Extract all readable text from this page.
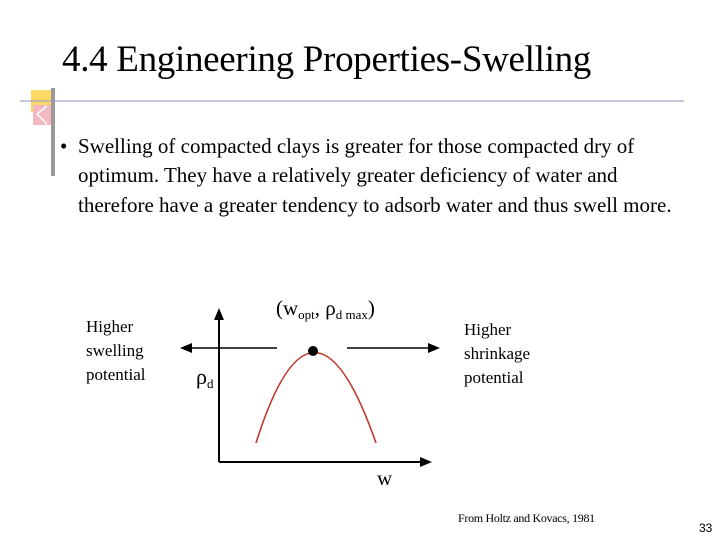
4.4 Engineering Properties-Swelling
• Swelling of compacted clays is greater for those compacted dry of optimum. They have a relatively greater deficiency of water and therefore have a greater tendency to adsorb water and thus swell more.
($w_{opt}$, $\rho_{d max}$)
$\rho_d$
w
Higher swelling potential
Higher shrinkage potential
From Holtz and Kovacs, 1981
33
